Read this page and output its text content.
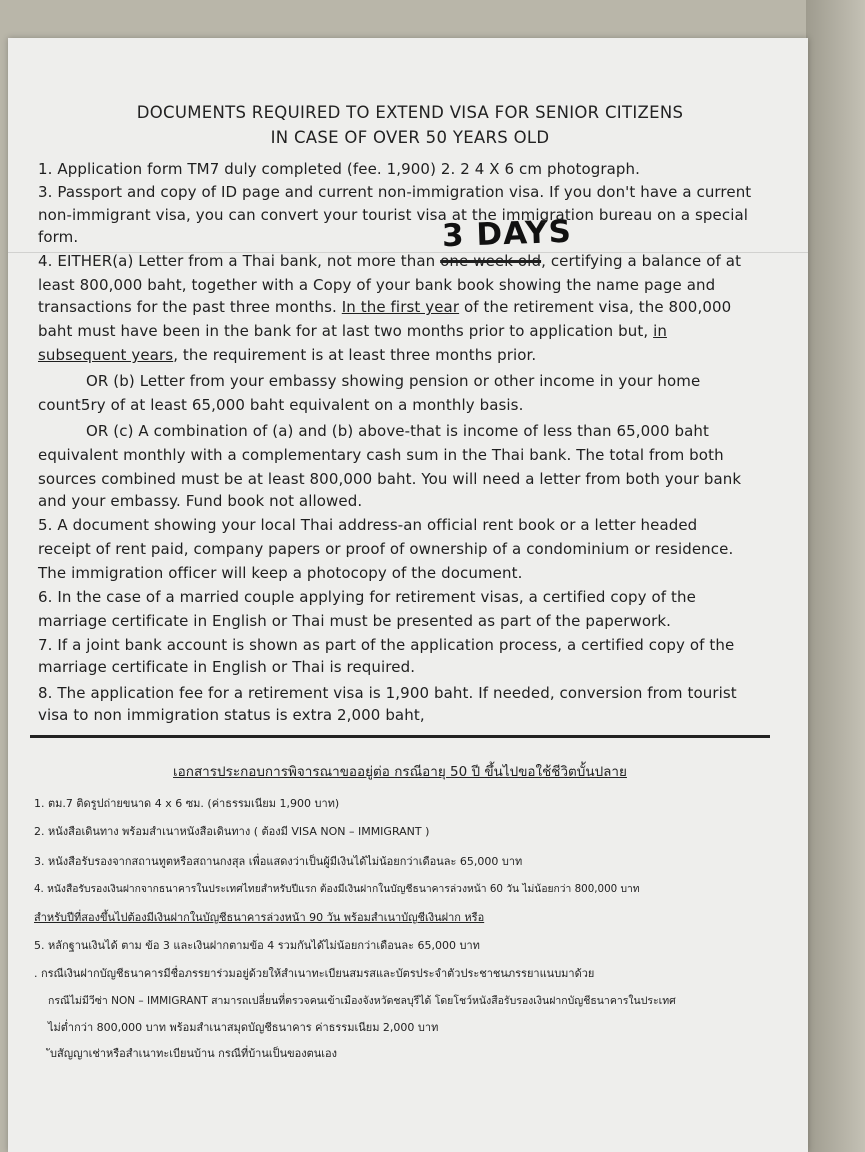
DOCUMENTS REQUIRED TO EXTEND VISA FOR SENIOR CITIZENS
IN CASE OF OVER 50 YEARS OLD
3 DAYS
1. Application form TM7 duly completed (fee. 1,900) 2. 2 4 X 6 cm photograph.
3. Passport and copy of ID page and current non-immigration visa. If you don't have a current
non-immigrant visa, you can convert your tourist visa at the immigration bureau on a special
form.
4. EITHER(a) Letter from a Thai bank, not more than one week old, certifying a balance of at
least 800,000 baht, together with a Copy of your bank book showing the name page and
transactions for the past three months. In the first year of the retirement visa, the 800,000
baht must have been in the bank for at last two months prior to application but, in
subsequent years, the requirement is at least three months prior.
OR (b) Letter from your embassy showing pension or other income in your home
count5ry of at least 65,000 baht equivalent on a monthly basis.
OR (c) A combination of (a) and (b) above-that is income of less than 65,000 baht
equivalent monthly with a complementary cash sum in the Thai bank. The total from both
sources combined must be at least 800,000 baht. You will need a letter from both your bank
and your embassy. Fund book not allowed.
5. A document showing your local Thai address-an official rent book or a letter headed
receipt of rent paid, company papers or proof of ownership of a condominium or residence.
The immigration officer will keep a photocopy of the document.
6. In the case of a married couple applying for retirement visas, a certified copy of the
marriage certificate in English or Thai must be presented as part of the paperwork.
7. If a joint bank account is shown as part of the application process, a certified copy of the
marriage certificate in English or Thai is required.
8. The application fee for a retirement visa is 1,900 baht. If needed, conversion from tourist
visa to non immigration status is extra 2,000 baht,
เอกสารประกอบการพิจารณาขออยู่ต่อ กรณีอายุ 50 ปี ขึ้นไปขอใช้ชีวิตบั้นปลาย
1. ตม.7 ติดรูปถ่ายขนาด 4 x 6 ซม. (ค่าธรรมเนียม 1,900 บาท)
2. หนังสือเดินทาง พร้อมสำเนาหนังสือเดินทาง ( ต้องมี VISA NON – IMMIGRANT )
3. หนังสือรับรองจากสถานทูตหรือสถานกงสุล เพื่อแสดงว่าเป็นผู้มีเงินได้ไม่น้อยกว่าเดือนละ 65,000 บาท
4. หนังสือรับรองเงินฝากจากธนาคารในประเทศไทยสำหรับปีแรก ต้องมีเงินฝากในบัญชีธนาคารล่วงหน้า 60 วัน ไม่น้อยกว่า 800,000 บาท
สำหรับปีที่สองขึ้นไปต้องมีเงินฝากในบัญชีธนาคารล่วงหน้า 90 วัน พร้อมสำเนาบัญชีเงินฝาก หรือ
5. หลักฐานเงินได้ ตาม ข้อ 3 และเงินฝากตามข้อ 4 รวมกันได้ไม่น้อยกว่าเดือนละ 65,000 บาท
. กรณีเงินฝากบัญชีธนาคารมีชื่อภรรยาร่วมอยู่ด้วยให้สำเนาทะเบียนสมรสและบัตรประจำตัวประชาชนภรรยาแนบมาด้วย
กรณีไม่มีวีซ่า NON – IMMIGRANT สามารถเปลี่ยนที่ตรวจคนเข้าเมืองจังหวัดชลบุรีได้ โดยโชว์หนังสือรับรองเงินฝากบัญชีธนาคารในประเทศ
ไม่ต่ำกว่า 800,000 บาท พร้อมสำเนาสมุดบัญชีธนาคาร ค่าธรรมเนียม 2,000 บาท
ับสัญญาเช่าหรือสำเนาทะเบียนบ้าน กรณีที่บ้านเป็นของตนเอง
